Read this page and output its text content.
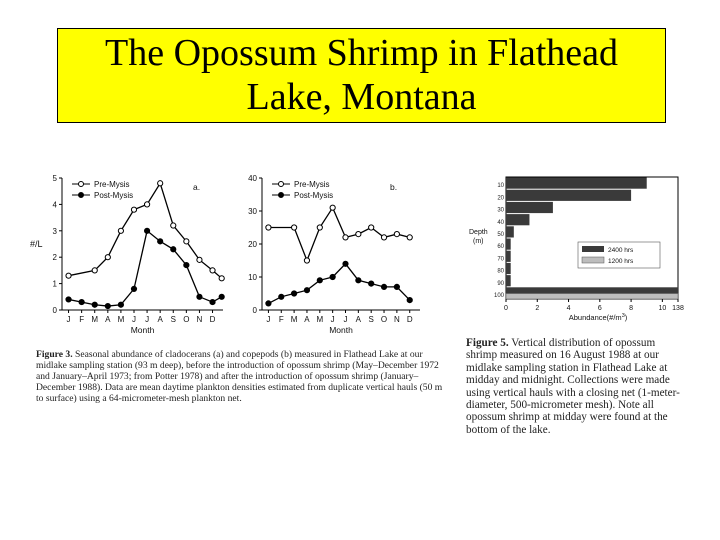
The Opossum Shrimp in Flathead
Lake, Montana
0
1
2
3
4
5
J F M A M J J A S O N D
Month
#/L
Pre-Mysis
Post-Mysis
a.
0
10
20
30
40
J F M A M J J A S O N D
Month
Pre-Mysis
Post-Mysis
b.	10
20
30
40
50
60
70
80
90
100
0	2	4	6	8	10 138
$Abundance(\#/m^3)$
Depth
(m)
2400 hrs
1200 hrs
Figure 3. Seasonal abundance of cladocerans (a) and copepods (b) measured in Flathead Lake at our midlake sampling station (93 m deep), before the introduction of opossum shrimp (May–December 1972 and January–April 1973; from Potter 1978) and after the introduction of opossum shrimp (January–December 1988). Data are mean daytime plankton densities estimated from duplicate vertical hauls (50 m to surface) using a 64-micrometer-mesh plankton net.
Figure 5. Vertical distribution of opossum shrimp measured on 16 August 1988 at our midlake sampling station in Flathead Lake at midday and midnight. Collections were made using vertical hauls with a closing net (1-meter-diameter, 500-micrometer mesh). Note all opossum shrimp at midday were found at the bottom of the lake.
